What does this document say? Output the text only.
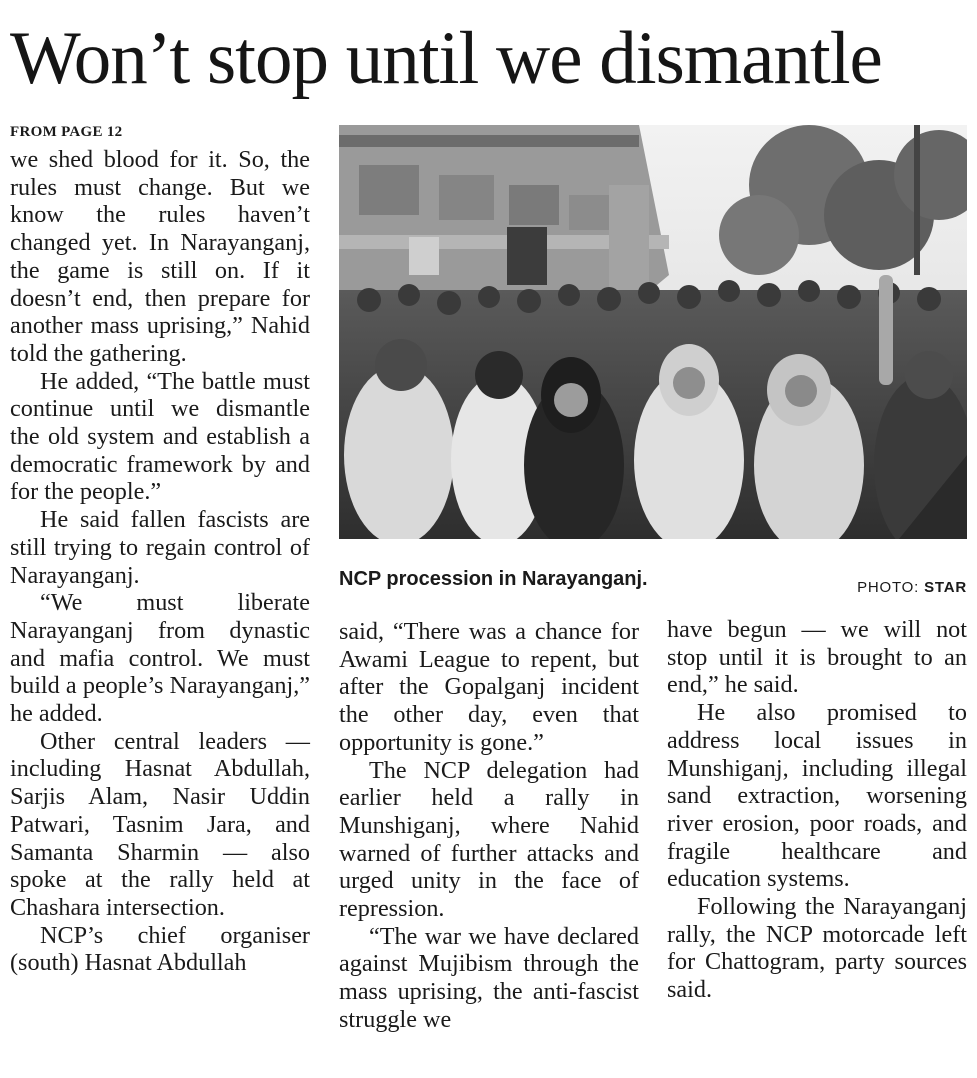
Won’t stop until we dismantle
FROM PAGE 12

we shed blood for it. So, the rules must change. But we know the rules haven’t changed yet. In Narayanganj, the game is still on. If it doesn’t end, then prepare for another mass uprising,” Nahid told the gathering.

He added, “The battle must continue until we dismantle the old system and establish a democratic framework by and for the people.”

He said fallen fascists are still trying to regain control of Narayanganj.

“We must liberate Narayanganj from dynastic and mafia control. We must build a people’s Narayanganj,” he added.

Other central leaders — including Hasnat Abdullah, Sarjis Alam, Nasir Uddin Patwari, Tasnim Jara, and Samanta Sharmin — also spoke at the rally held at Chashara intersection.

NCP’s chief organiser (south) Hasnat Abdullah

NCP procession in Narayanganj.	PHOTO: STAR

said, “There was a chance for Awami League to repent, but after the Gopalganj incident the other day, even that opportunity is gone.”

The NCP delegation had earlier held a rally in Munshiganj, where Nahid warned of further attacks and urged unity in the face of repression.

“The war we have declared against Mujibism through the mass uprising, the anti-fascist struggle we

have begun — we will not stop until it is brought to an end,” he said.

He also promised to address local issues in Munshiganj, including illegal sand extraction, worsening river erosion, poor roads, and fragile healthcare and education systems.

Following the Narayanganj rally, the NCP motorcade left for Chattogram, party sources said.
